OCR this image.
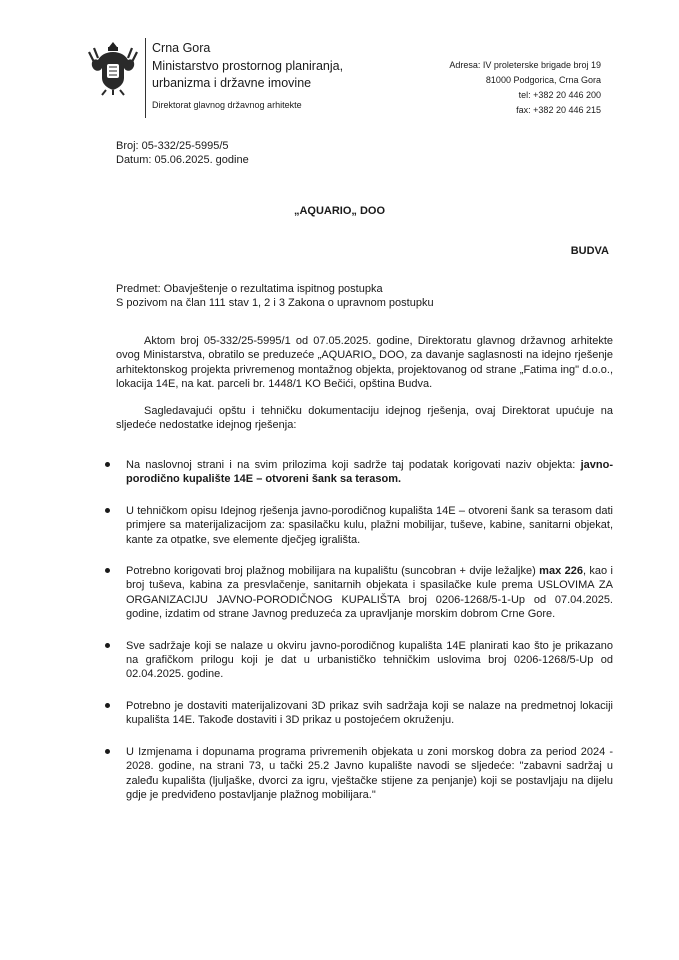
Crna Gora
Ministarstvo prostornog planiranja,
urbanizma i državne imovine
Direktorat glavnog državnog arhitekte
Adresa: IV proleterske brigade broj 19
81000 Podgorica, Crna Gora
tel: +382 20 446 200
fax: +382 20 446 215
Broj: 05-332/25-5995/5
Datum: 05.06.2025. godine
„AQUARIO„ DOO
BUDVA
Predmet: Obavještenje o rezultatima ispitnog postupka
S pozivom na član 111 stav 1, 2 i 3 Zakona o upravnom postupku
Aktom broj 05-332/25-5995/1 od 07.05.2025. godine, Direktoratu glavnog državnog arhitekte ovog Ministarstva, obratilo se preduzeće „AQUARIO„ DOO, za davanje saglasnosti na idejno rješenje arhitektonskog projekta privremenog montažnog objekta, projektovanog od strane „Fatima ing" d.o.o., lokacija 14E, na kat. parceli br. 1448/1 KO Bečići, opština Budva.
Sagledavajući opštu i tehničku dokumentaciju idejnog rješenja, ovaj Direktorat upućuje na sljedeće nedostatke idejnog rješenja:
Na naslovnoj strani i na svim prilozima koji sadrže taj podatak korigovati naziv objekta: javno-porodično kupalište 14E – otvoreni šank sa terasom.
U tehničkom opisu Idejnog rješenja javno-porodičnog kupališta 14E – otvoreni šank sa terasom dati primjere sa materijalizacijom za: spasilačku kulu, plažni mobilijar, tuševe, kabine, sanitarni objekat, kante za otpatke, sve elemente dječjeg igrališta.
Potrebno korigovati broj plažnog mobilijara na kupalištu (suncobran + dvije ležaljke) max 226, kao i broj tuševa, kabina za presvlačenje, sanitarnih objekata i spasilačke kule prema USLOVIMA ZA ORGANIZACIJU JAVNO-PORODIČNOG KUPALIŠTA broj 0206-1268/5-1-Up od 07.04.2025. godine, izdatim od strane Javnog preduzeća za upravljanje morskim dobrom Crne Gore.
Sve sadržaje koji se nalaze u okviru javno-porodičnog kupališta 14E planirati kao što je prikazano na grafičkom prilogu koji je dat u urbanističko tehničkim uslovima broj 0206-1268/5-Up od 02.04.2025. godine.
Potrebno je dostaviti materijalizovani 3D prikaz svih sadržaja koji se nalaze na predmetnoj lokaciji kupališta 14E. Takođe dostaviti i 3D prikaz u postojećem okruženju.
U Izmjenama i dopunama programa privremenih objekata u zoni morskog dobra za period 2024 - 2028. godine, na strani 73, u tački 25.2 Javno kupalište navodi se sljedeće: "zabavni sadržaj u zaleđu kupališta (ljuljaške, dvorci za igru, vještačke stijene za penjanje) koji se postavljaju na dijelu gdje je predviđeno postavljanje plažnog mobilijara."
